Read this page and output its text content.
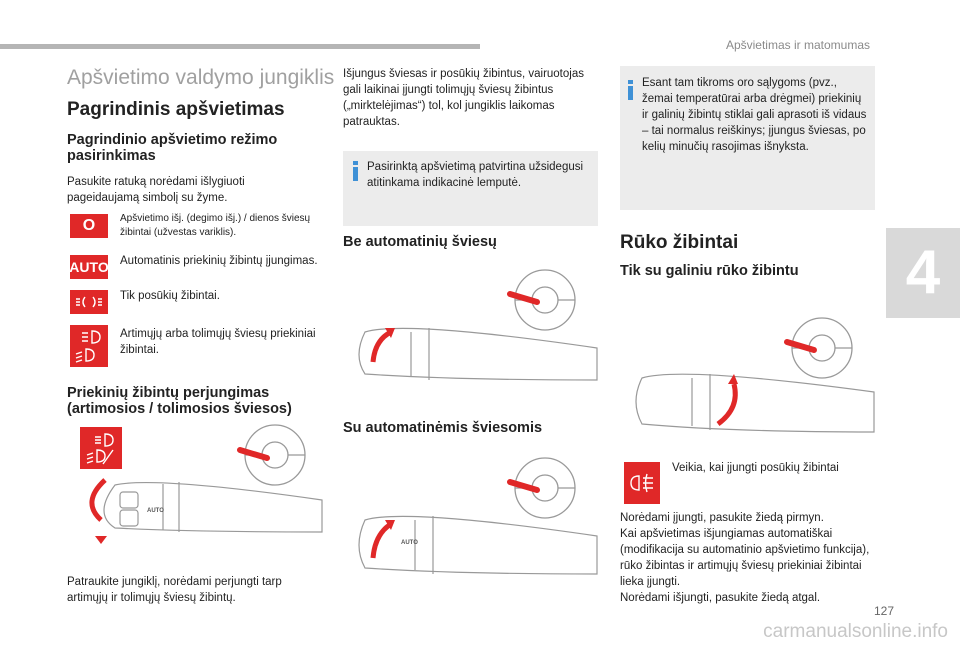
Apšvietimas ir matomumas
4
Apšvietimo valdymo jungiklis
Pagrindinis apšvietimas
Pagrindinio apšvietimo režimo pasirinkimas
Pasukite ratuką norėdami išlygiuoti pageidaujamą simbolį su žyme.
O	Apšvietimo išj. (degimo išj.) / dienos šviesų žibintai (užvestas variklis).
AUTO Automatinis priekinių žibintų įjungimas.
Tik posūkių žibintai.
Artimųjų arba tolimųjų šviesų priekiniai žibintai.
Priekinių žibintų perjungimas (artimosios / tolimosios šviesos)
AUTO
Patraukite jungiklį, norėdami perjungti tarp artimųjų ir tolimųjų šviesų žibintų.
Išjungus šviesas ir posūkių žibintus, vairuotojas gali laikinai įjungti tolimųjų šviesų žibintus („mirktelėjimas“) tol, kol jungiklis laikomas patrauktas.
Pasirinktą apšvietimą patvirtina užsidegusi atitinkama indikacinė lemputė.
Be automatinių šviesų
Su automatinėmis šviesomis
AUTO
Esant tam tikroms oro sąlygoms (pvz., žemai temperatūrai arba drėgmei) priekinių ir galinių žibintų stiklai gali aprasoti iš vidaus – tai normalus reiškinys; įjungus šviesas, po kelių minučių rasojimas išnyksta.
Rūko žibintai
Tik su galiniu rūko žibintu
Veikia, kai įjungti posūkių žibintai
Norėdami įjungti, pasukite žiedą pirmyn.
Kai apšvietimas išjungiamas automatiškai (modifikacija su automatinio apšvietimo funkcija), rūko žibintas ir artimųjų šviesų priekiniai žibintai lieka įjungti.
Norėdami išjungti, pasukite žiedą atgal.
127
carmanualsonline.info
